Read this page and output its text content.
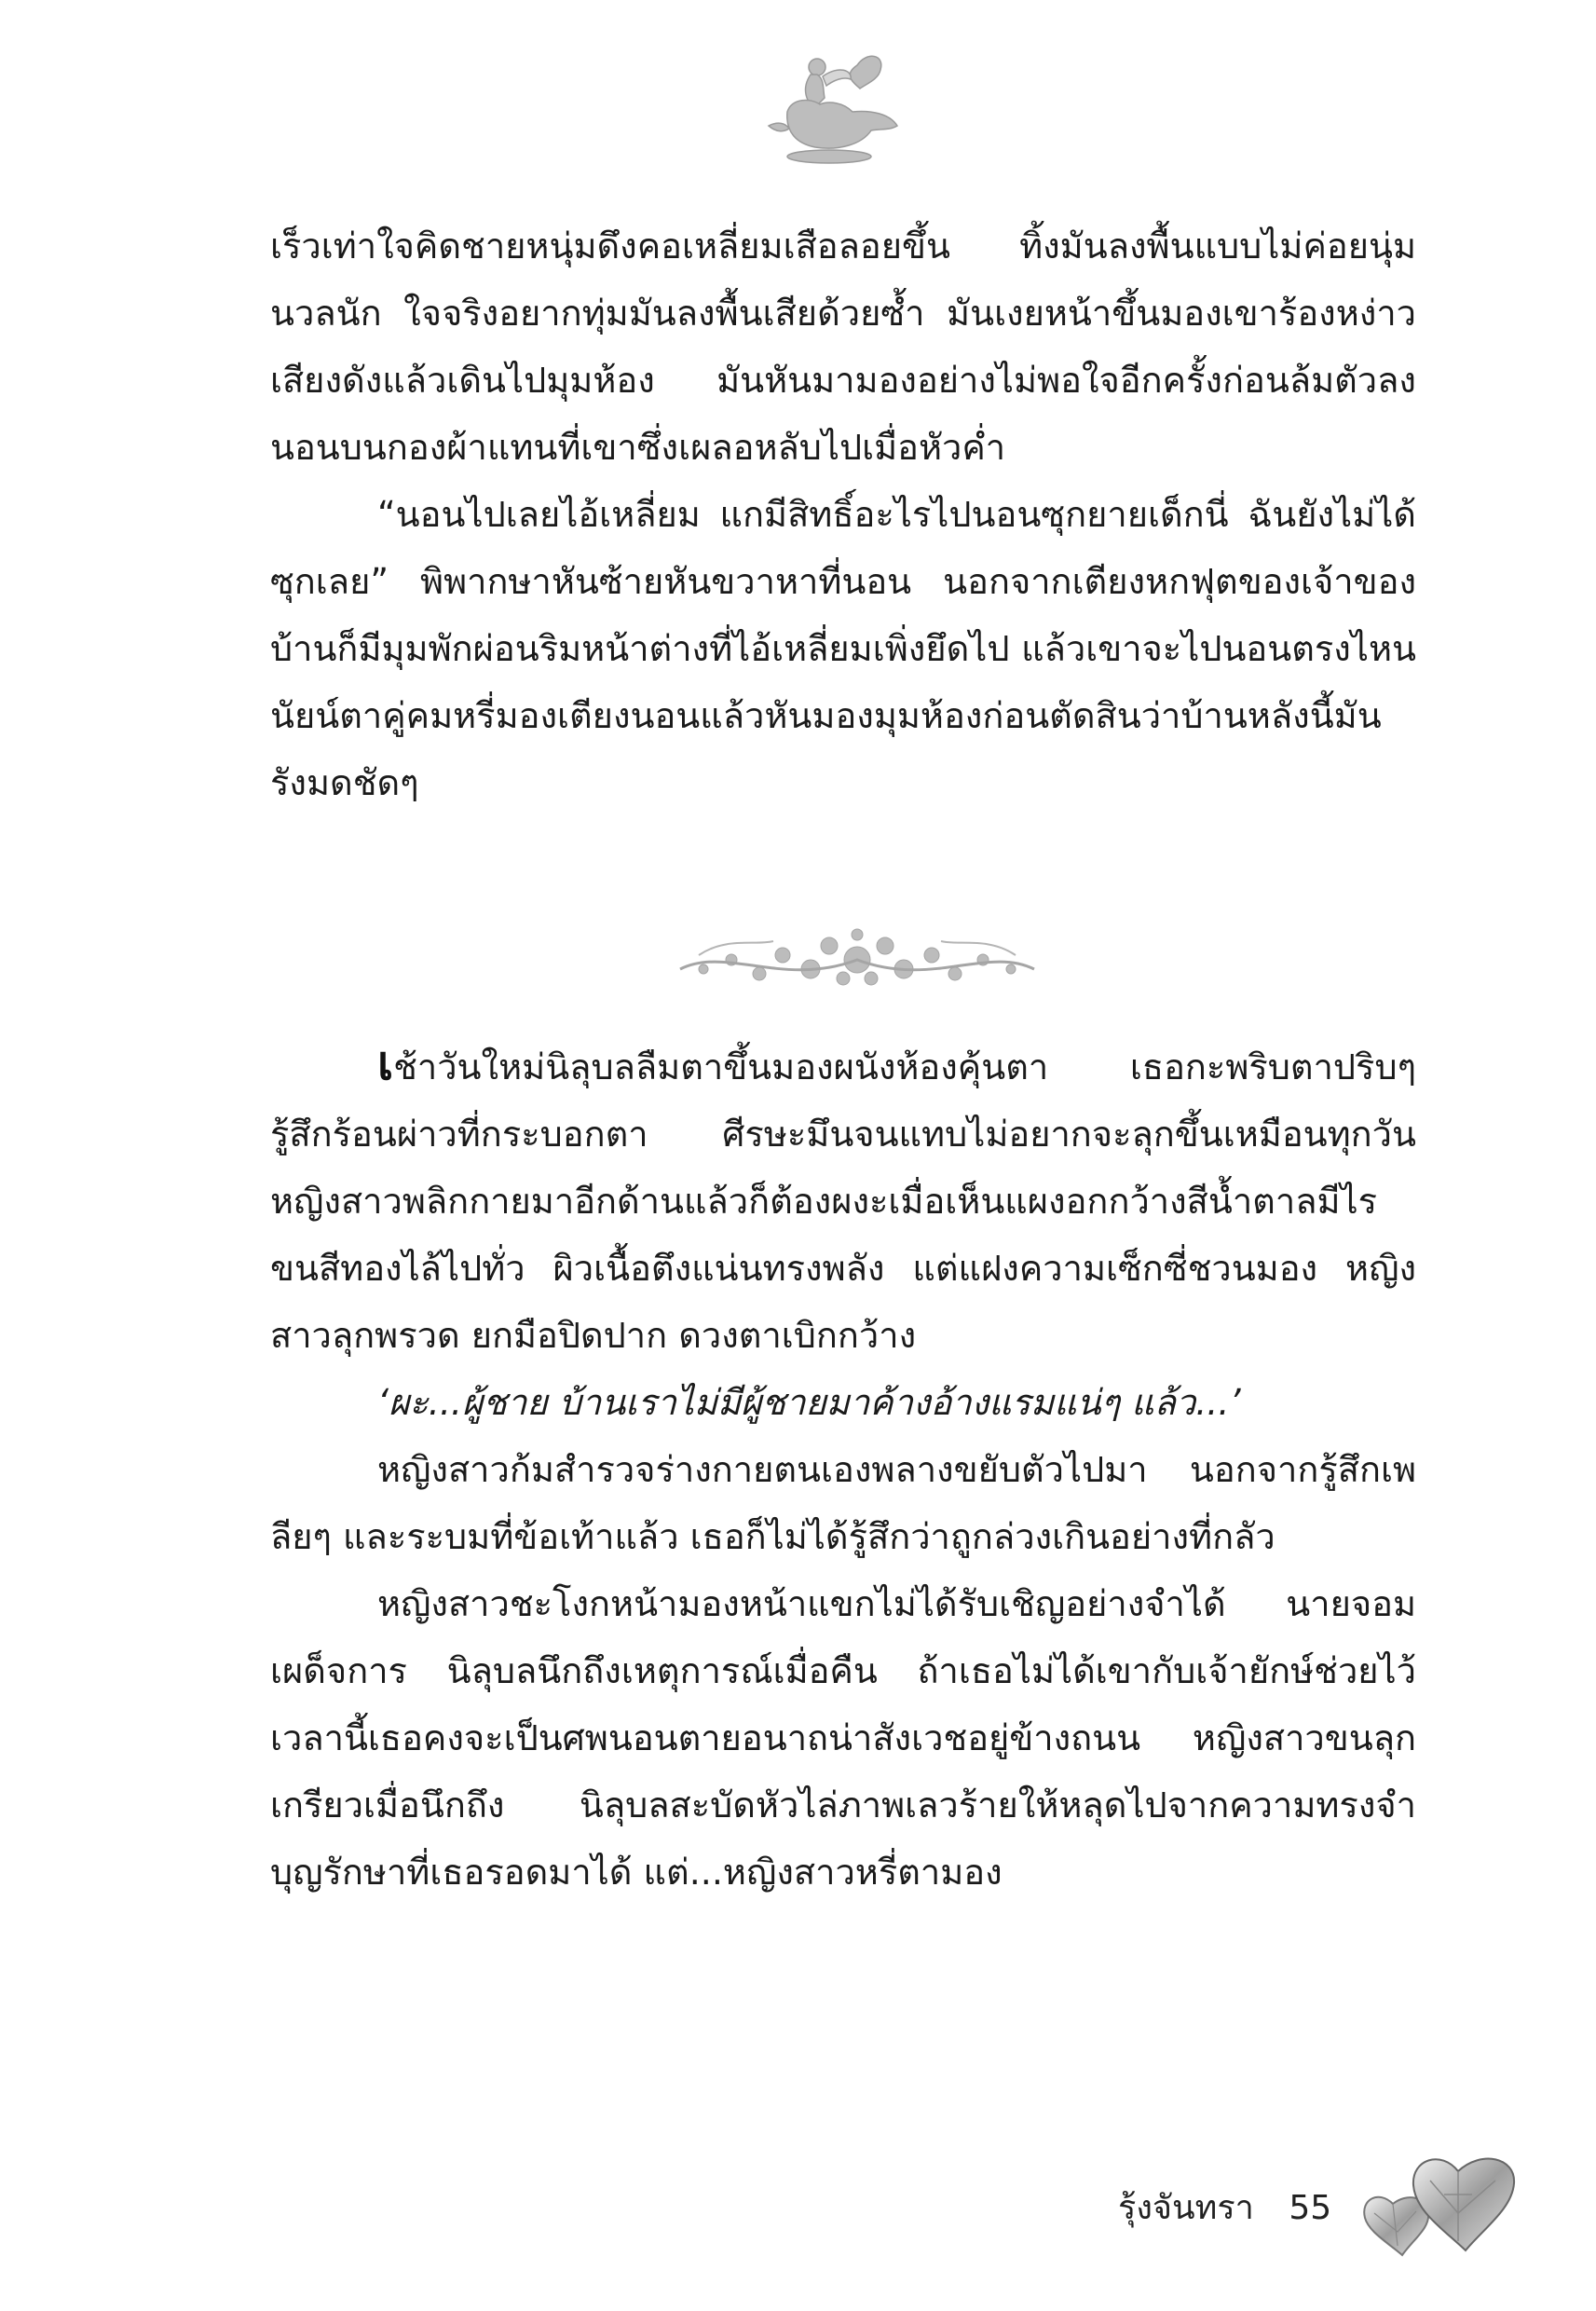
เร็วเท่าใจคิดชายหนุ่มดึงคอเหลี่ยมเสือลอยขึ้น ทิ้งมันลงพื้นแบบไม่ค่อยนุ่มนวลนัก ใจจริงอยากทุ่มมันลงพื้นเสียด้วยซ้ำ มันเงยหน้าขึ้นมองเขาร้องหง่าวเสียงดังแล้วเดินไปมุมห้อง มันหันมามองอย่างไม่พอใจอีกครั้งก่อนล้มตัวลงนอนบนกองผ้าแทนที่เขาซึ่งเผลอหลับไปเมื่อหัวค่ำ

“นอนไปเลยไอ้เหลี่ยม แกมีสิทธิ์อะไรไปนอนซุกยายเด็กนี่ ฉันยังไม่ได้ซุกเลย” พิพากษาหันซ้ายหันขวาหาที่นอน นอกจากเตียงหกฟุตของเจ้าของบ้านก็มีมุมพักผ่อนริมหน้าต่างที่ไอ้เหลี่ยมเพิ่งยึดไป แล้วเขาจะไปนอนตรงไหน นัยน์ตาคู่คมหรี่มองเตียงนอนแล้วหันมองมุมห้องก่อนตัดสินว่าบ้านหลังนี้มันรังมดชัดๆ

เช้าวันใหม่นิลุบลลืมตาขึ้นมองผนังห้องคุ้นตา เธอกะพริบตาปริบๆ รู้สึกร้อนผ่าวที่กระบอกตา ศีรษะมึนจนแทบไม่อยากจะลุกขึ้นเหมือนทุกวัน หญิงสาวพลิกกายมาอีกด้านแล้วก็ต้องผงะเมื่อเห็นแผงอกกว้างสีน้ำตาลมีไรขนสีทองไล้ไปทั่ว ผิวเนื้อตึงแน่นทรงพลัง แต่แฝงความเซ็กซี่ชวนมอง หญิงสาวลุกพรวด ยกมือปิดปาก ดวงตาเบิกกว้าง

‘ผะ...ผู้ชาย บ้านเราไม่มีผู้ชายมาค้างอ้างแรมแน่ๆ แล้ว...’

หญิงสาวก้มสำรวจร่างกายตนเองพลางขยับตัวไปมา นอกจากรู้สึกเพลียๆ และระบมที่ข้อเท้าแล้ว เธอก็ไม่ได้รู้สึกว่าถูกล่วงเกินอย่างที่กลัว

หญิงสาวชะโงกหน้ามองหน้าแขกไม่ได้รับเชิญอย่างจำได้ นายจอมเผด็จการ นิลุบลนึกถึงเหตุการณ์เมื่อคืน ถ้าเธอไม่ได้เขากับเจ้ายักษ์ช่วยไว้ เวลานี้เธอคงจะเป็นศพนอนตายอนาถน่าสังเวชอยู่ข้างถนน หญิงสาวขนลุกเกรียวเมื่อนึกถึง นิลุบลสะบัดหัวไล่ภาพเลวร้ายให้หลุดไปจากความทรงจำ บุญรักษาที่เธอรอดมาได้ แต่...หญิงสาวหรี่ตามอง

รุ้งจันทรา 55
